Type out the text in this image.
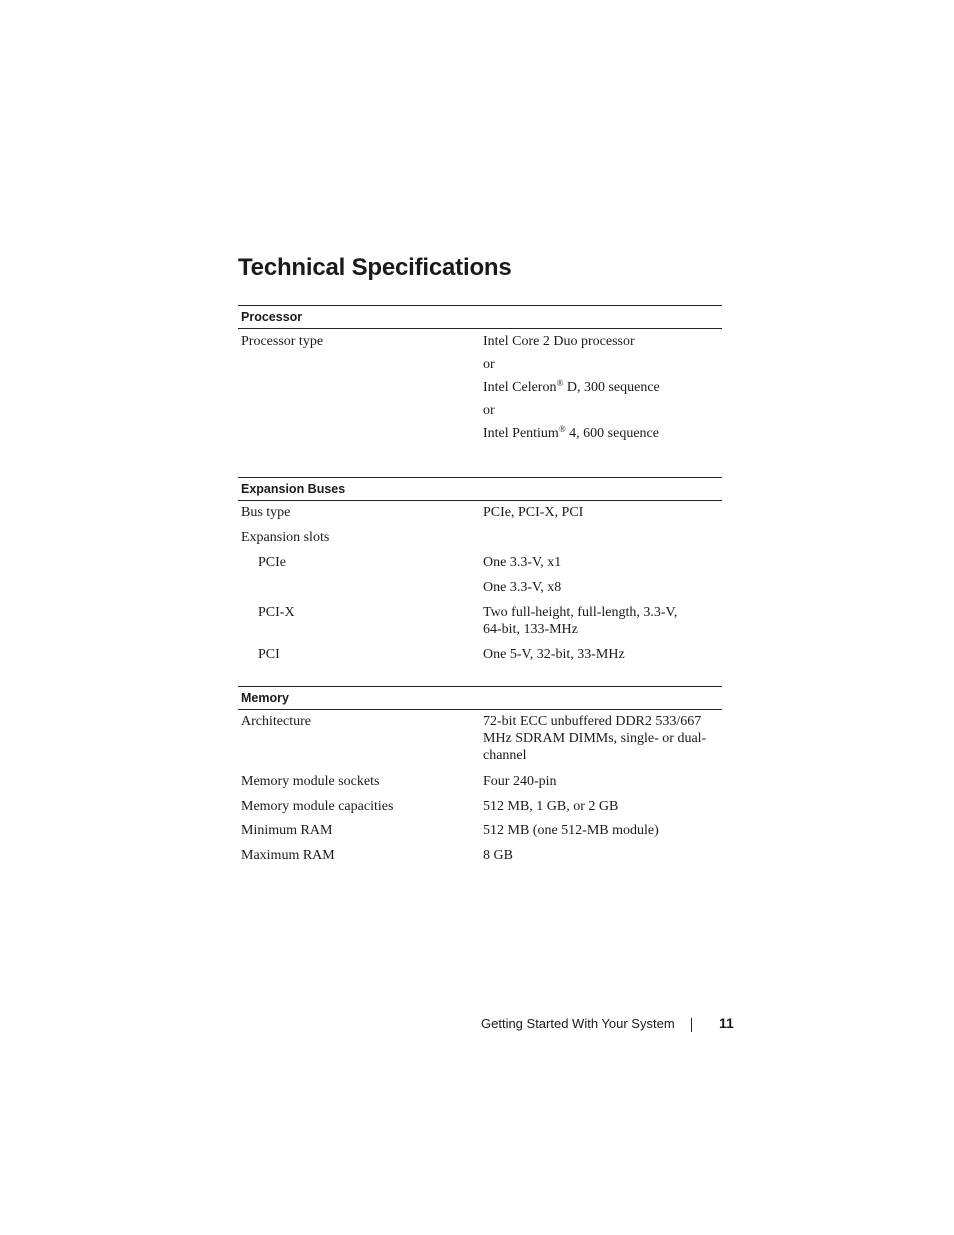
Technical Specifications
Processor
Processor type	Intel Core 2 Duo processor
or
Intel Celeron® D, 300 sequence
or
Intel Pentium® 4, 600 sequence
Expansion Buses
Bus type	PCIe, PCI-X, PCI
Expansion slots
PCIe	One 3.3-V, x1
One 3.3-V, x8
PCI-X	Two full-height, full-length, 3.3-V, 64-bit, 133-MHz
PCI	One 5-V, 32-bit, 33-MHz
Memory
Architecture	72-bit ECC unbuffered DDR2 533/667 MHz SDRAM DIMMs, single- or dual-channel
Memory module sockets	Four 240-pin
Memory module capacities	512 MB, 1 GB, or 2 GB
Minimum RAM	512 MB (one 512-MB module)
Maximum RAM	8 GB
Getting Started With Your System	11
